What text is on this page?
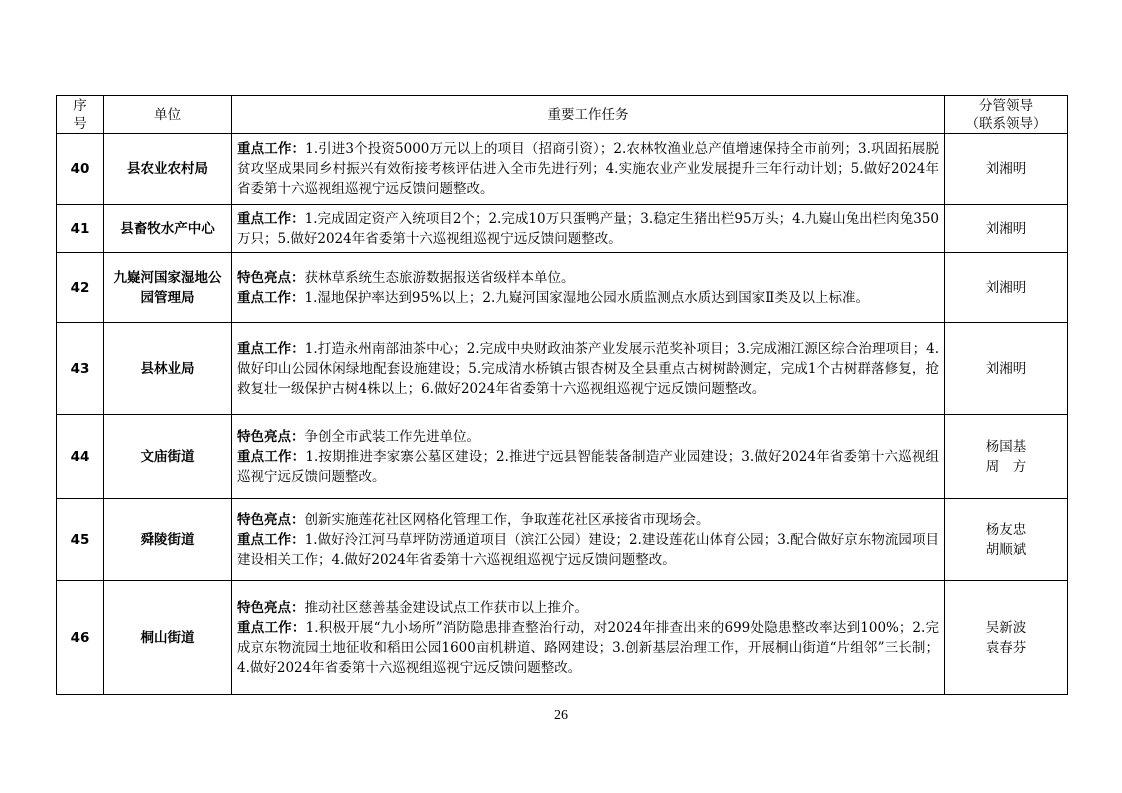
序号	单位	重要工作任务	分管领导
（联系领导）

40	县农业农村局	重点工作：1.引进3个投资5000万元以上的项目（招商引资）；2.农林牧渔业总产值增速保持全市前列；3.巩固拓展脱贫攻坚成果同乡村振兴有效衔接考核评估进入全市先进行列；4.实施农业产业发展提升三年行动计划；5.做好2024年省委第十六巡视组巡视宁远反馈问题整改。	刘湘明

41	县畜牧水产中心	重点工作：1.完成固定资产入统项目2个；2.完成10万只蛋鸭产量；3.稳定生猪出栏95万头；4.九嶷山兔出栏肉兔350万只；5.做好2024年省委第十六巡视组巡视宁远反馈问题整改。	刘湘明

42	九嶷河国家湿地公园管理局	特色亮点：获林草系统生态旅游数据报送省级样本单位。
重点工作：1.湿地保护率达到95%以上；2.九嶷河国家湿地公园水质监测点水质达到国家Ⅱ类及以上标准。	刘湘明

43	县林业局	重点工作：1.打造永州南部油茶中心；2.完成中央财政油茶产业发展示范奖补项目；3.完成湘江源区综合治理项目；4.做好印山公园休闲绿地配套设施建设；5.完成清水桥镇古银杏树及全县重点古树树龄测定，完成1个古树群落修复，抢救复壮一级保护古树4株以上；6.做好2024年省委第十六巡视组巡视宁远反馈问题整改。	刘湘明

44	文庙街道	特色亮点：争创全市武装工作先进单位。
重点工作：1.按期推进李家寨公墓区建设；2.推进宁远县智能装备制造产业园建设；3.做好2024年省委第十六巡视组巡视宁远反馈问题整改。	杨国基
周　方

45	舜陵街道	特色亮点：创新实施莲花社区网格化管理工作，争取莲花社区承接省市现场会。
重点工作：1.做好泠江河马草坪防涝通道项目（滨江公园）建设；2.建设莲花山体育公园；3.配合做好京东物流园项目建设相关工作；4.做好2024年省委第十六巡视组巡视宁远反馈问题整改。	杨友忠
胡顺斌

46	桐山街道	特色亮点：推动社区慈善基金建设试点工作获市以上推介。
重点工作：1.积极开展“九小场所”消防隐患排查整治行动，对2024年排查出来的699处隐患整改率达到100%；2.完成京东物流园土地征收和稻田公园1600亩机耕道、路网建设；3.创新基层治理工作，开展桐山街道“片组邻”三长制；4.做好2024年省委第十六巡视组巡视宁远反馈问题整改。	吴新波
袁春芬
26
